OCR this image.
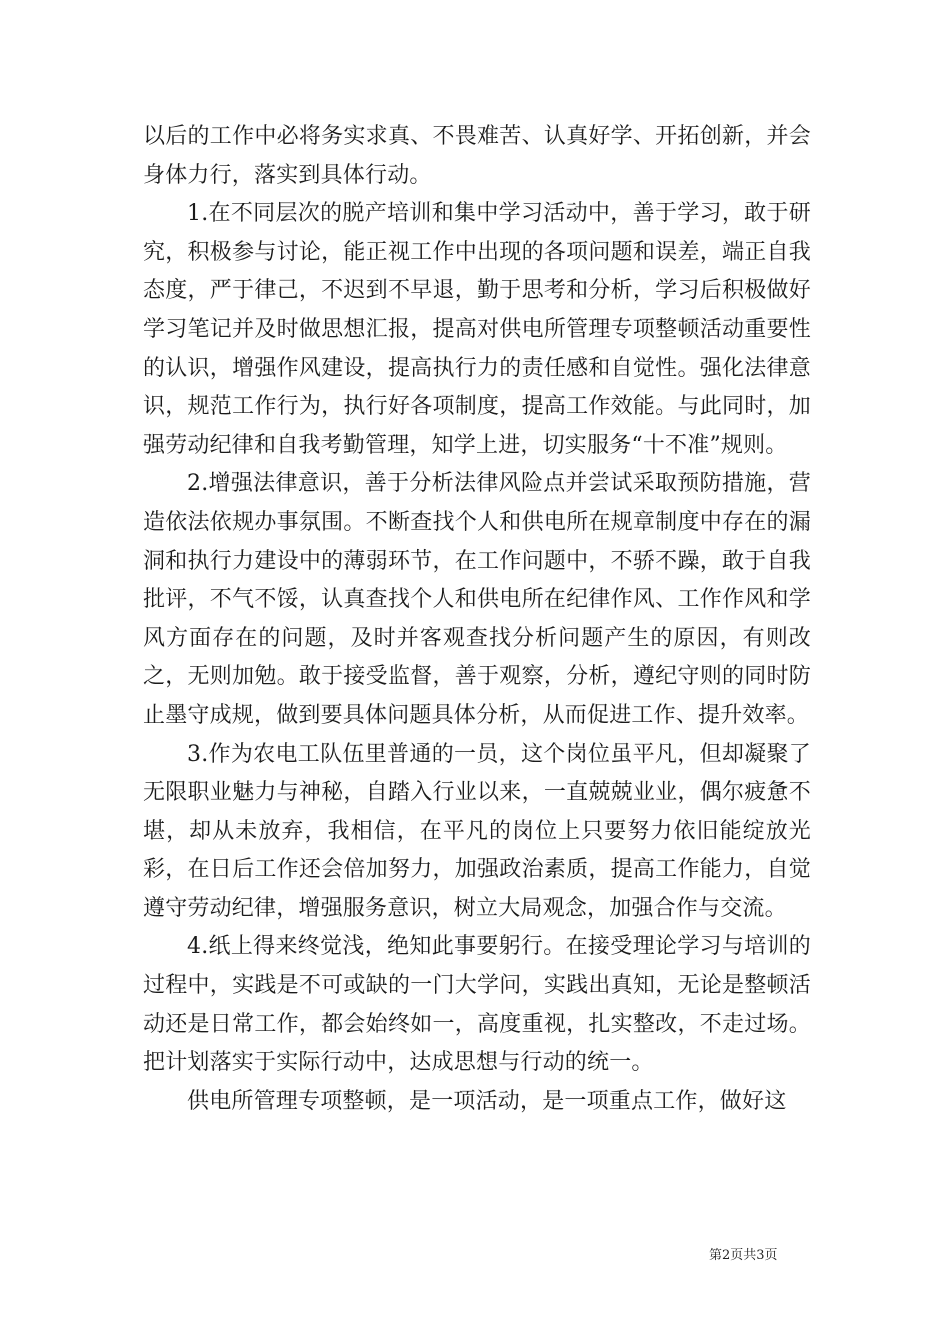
以后的工作中必将务实求真、不畏难苦、认真好学、开拓创新，并会身体力行，落实到具体行动。

1.在不同层次的脱产培训和集中学习活动中，善于学习，敢于研究，积极参与讨论，能正视工作中出现的各项问题和误差，端正自我态度，严于律己，不迟到不早退，勤于思考和分析，学习后积极做好学习笔记并及时做思想汇报，提高对供电所管理专项整顿活动重要性的认识，增强作风建设，提高执行力的责任感和自觉性。强化法律意识，规范工作行为，执行好各项制度，提高工作效能。与此同时，加强劳动纪律和自我考勤管理，知学上进，切实服务“十不准”规则。

2.增强法律意识，善于分析法律风险点并尝试采取预防措施，营造依法依规办事氛围。不断查找个人和供电所在规章制度中存在的漏洞和执行力建设中的薄弱环节，在工作问题中，不骄不躁，敢于自我批评，不气不馁，认真查找个人和供电所在纪律作风、工作作风和学风方面存在的问题，及时并客观查找分析问题产生的原因，有则改之，无则加勉。敢于接受监督，善于观察，分析，遵纪守则的同时防止墨守成规，做到要具体问题具体分析，从而促进工作、提升效率。

3.作为农电工队伍里普通的一员，这个岗位虽平凡，但却凝聚了无限职业魅力与神秘，自踏入行业以来，一直兢兢业业，偶尔疲惫不堪，却从未放弃，我相信，在平凡的岗位上只要努力依旧能绽放光彩，在日后工作还会倍加努力，加强政治素质，提高工作能力，自觉遵守劳动纪律，增强服务意识，树立大局观念，加强合作与交流。

4.纸上得来终觉浅，绝知此事要躬行。在接受理论学习与培训的过程中，实践是不可或缺的一门大学问，实践出真知，无论是整顿活动还是日常工作，都会始终如一，高度重视，扎实整改，不走过场。把计划落实于实际行动中，达成思想与行动的统一。

供电所管理专项整顿，是一项活动，是一项重点工作，做好这

第2页共3页
